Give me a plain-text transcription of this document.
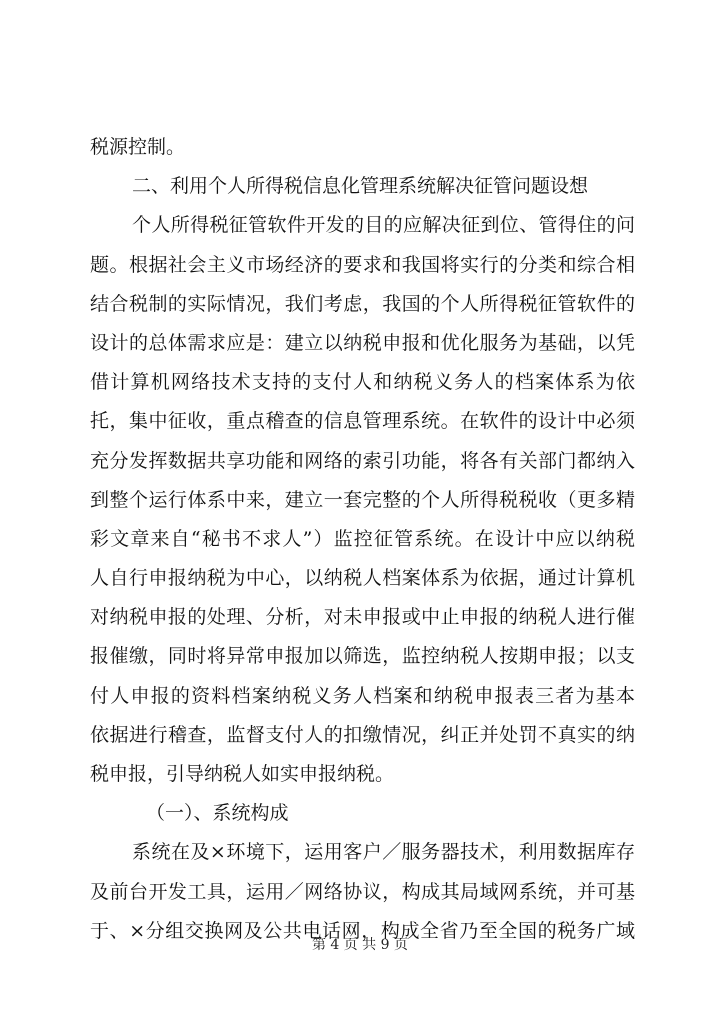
税源控制。
二、利用个人所得税信息化管理系统解决征管问题设想
个人所得税征管软件开发的目的应解决征到位、管得住的问
题。根据社会主义市场经济的要求和我国将实行的分类和综合相
结合税制的实际情况，我们考虑，我国的个人所得税征管软件的
设计的总体需求应是：建立以纳税申报和优化服务为基础，以凭
借计算机网络技术支持的支付人和纳税义务人的档案体系为依
托，集中征收，重点稽查的信息管理系统。在软件的设计中必须
充分发挥数据共享功能和网络的索引功能，将各有关部门都纳入
到整个运行体系中来，建立一套完整的个人所得税税收（更多精
彩文章来自“秘书不求人”）监控征管系统。在设计中应以纳税
人自行申报纳税为中心，以纳税人档案体系为依据，通过计算机
对纳税申报的处理、分析，对未申报或中止申报的纳税人进行催
报催缴，同时将异常申报加以筛选，监控纳税人按期申报；以支
付人申报的资料档案纳税义务人档案和纳税申报表三者为基本
依据进行稽查，监督支付人的扣缴情况，纠正并处罚不真实的纳
税申报，引导纳税人如实申报纳税。
（一）、系统构成
系统在及×环境下，运用客户／服务器技术，利用数据库存
及前台开发工具，运用／网络协议，构成其局域网系统，并可基
于、×分组交换网及公共电话网，构成全省乃至全国的税务广域
第 4 页 共 9 页
